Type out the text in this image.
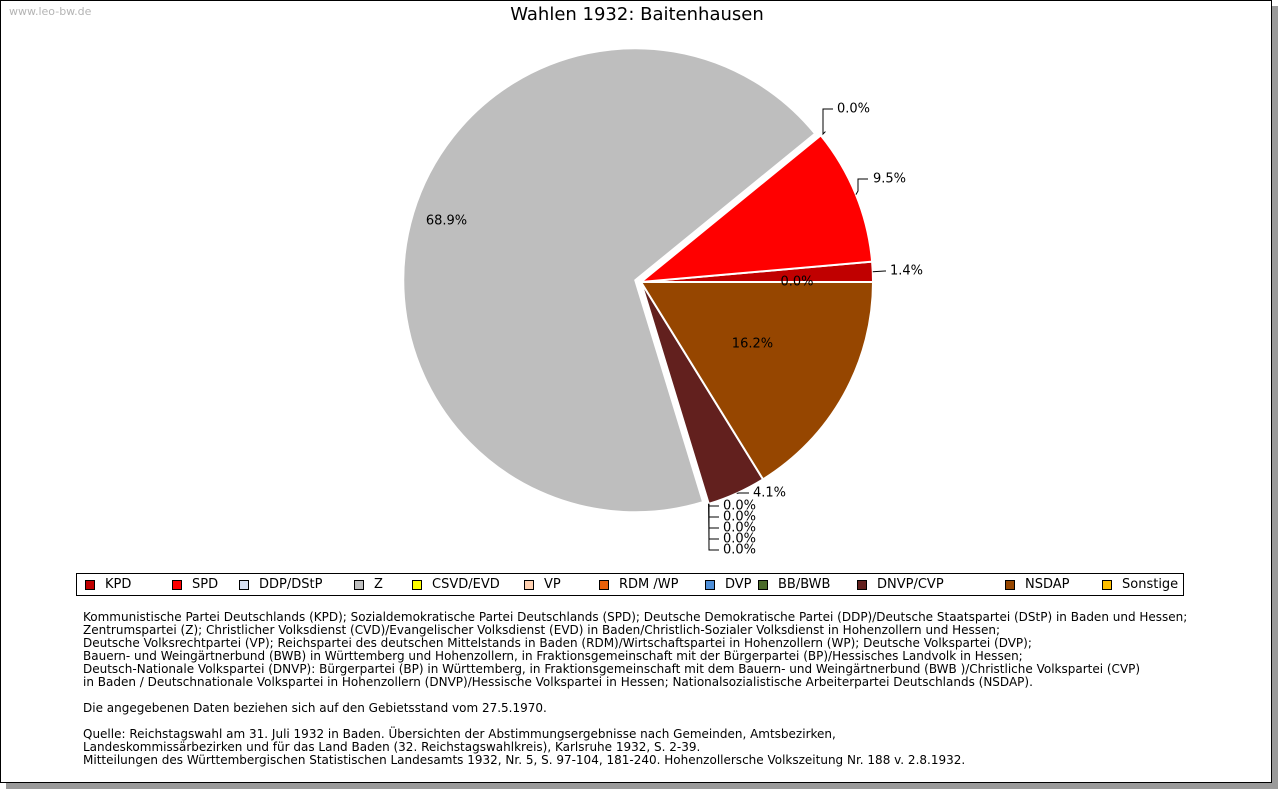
www.leo-bw.de	Wahlen 1932: Baitenhausen
1.4%
9.5%
0.0%
68.9%
0.0%
0.0%
0.0%
0.0%
0.0%
4.1%
16.2%
0.0%
KPD	SPD	DDP/DStP	Z	CSVD/EVD	VP	RDM /WP	DVP BB/BWB	DNVP/CVP	NSDAP	Sonstige
Kommunistische Partei Deutschlands (KPD); Sozialdemokratische Partei Deutschlands (SPD); Deutsche Demokratische Partei (DDP)/Deutsche Staatspartei (DStP) in Baden und Hessen;
Zentrumspartei (Z); Christlicher Volksdienst (CVD)/Evangelischer Volksdienst (EVD) in Baden/Christlich-Sozialer Volksdienst in Hohenzollern und Hessen;
Deutsche Volksrechtpartei (VP); Reichspartei des deutschen Mittelstands in Baden (RDM)/Wirtschaftspartei in Hohenzollern (WP); Deutsche Volkspartei (DVP);
Bauern- und Weingärtnerbund (BWB) in Württemberg und Hohenzollern, in Fraktionsgemeinschaft mit der Bürgerpartei (BP)/Hessisches Landvolk in Hessen;
Deutsch-Nationale Volkspartei (DNVP): Bürgerpartei (BP) in Württemberg, in Fraktionsgemeinschaft mit dem Bauern- und Weingärtnerbund (BWB )/Christliche Volkspartei (CVP)
in Baden / Deutschnationale Volkspartei in Hohenzollern (DNVP)/Hessische Volkspartei in Hessen; Nationalsozialistische Arbeiterpartei Deutschlands (NSDAP).
Die angegebenen Daten beziehen sich auf den Gebietsstand vom 27.5.1970.
Quelle: Reichstagswahl am 31. Juli 1932 in Baden. Übersichten der Abstimmungsergebnisse nach Gemeinden, Amtsbezirken,
Landeskommissärbezirken und für das Land Baden (32. Reichstagswahlkreis), Karlsruhe 1932, S. 2-39.
Mitteilungen des Württembergischen Statistischen Landesamts 1932, Nr. 5, S. 97-104, 181-240. Hohenzollersche Volkszeitung Nr. 188 v. 2.8.1932.
